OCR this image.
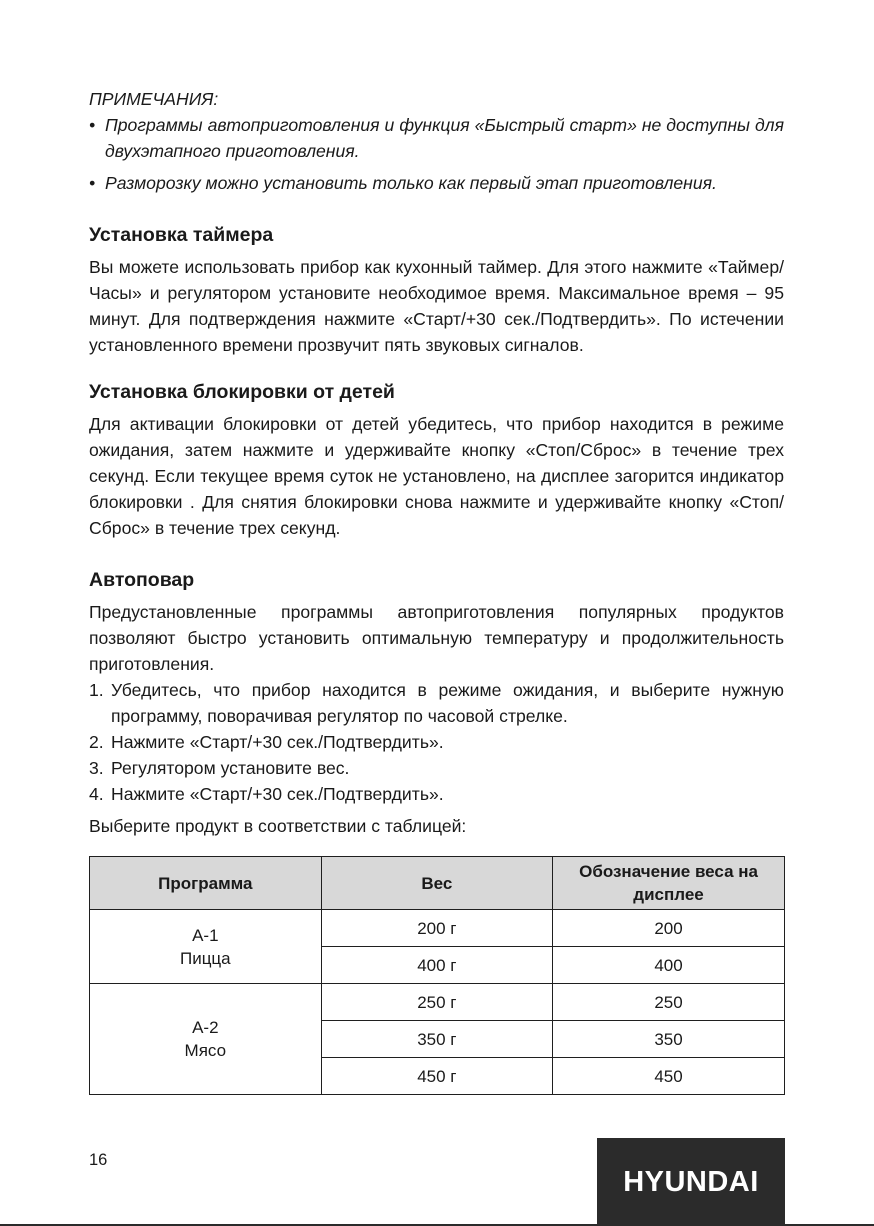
ПРИМЕЧАНИЯ:

• Программы автоприготовления и функция «Быстрый старт» не доступны для двухэтапного приготовления.
• Разморозку можно установить только как первый этап приготовления.
Установка таймера

Вы можете использовать прибор как кухонный таймер. Для этого нажмите «Таймер/Часы» и регулятором установите необходимое время. Максимальное время – 95 минут. Для подтверждения нажмите «Старт/+30 сек./Подтвердить». По истечении установленного времени прозвучит пять звуковых сигналов.

Установка блокировки от детей

Для активации блокировки от детей убедитесь, что прибор находится в режиме ожидания, затем нажмите и удерживайте кнопку «Стоп/Сброс» в течение трех секунд. Если текущее время суток не установлено, на дисплее загорится индикатор блокировки . Для снятия блокировки снова нажмите и удерживайте кнопку «Стоп/Сброс» в течение трех секунд.

Автоповар

Предустановленные программы автоприготовления популярных продуктов позволяют быстро установить оптимальную температуру и продолжительность приготовления.

1. Убедитесь, что прибор находится в режиме ожидания, и выберите нужную программу, поворачивая регулятор по часовой стрелке.
2. Нажмите «Старт/+30 сек./Подтвердить».
3. Регулятором установите вес.
4. Нажмите «Старт/+30 сек./Подтвердить».

Выберите продукт в соответствии с таблицей:

Программа	Вес	Обозначение веса на дисплее

А-1
Пицца	200 г	200
	400 г	400

А-2
Мясо	250 г	250
	350 г	350
	450 г	450
16
HYUNDAI
